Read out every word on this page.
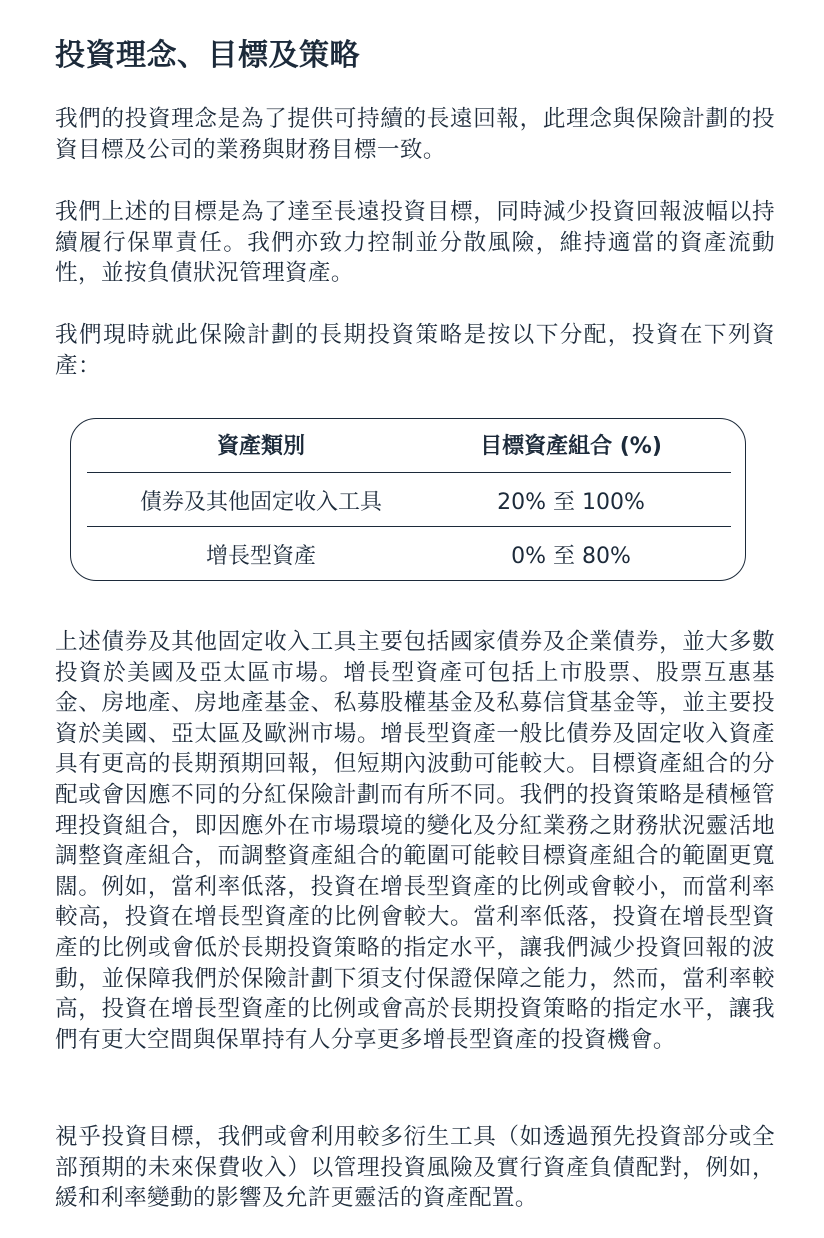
投資理念、目標及策略

我們的投資理念是為了提供可持續的長遠回報，此理念與保險計劃的投資目標及公司的業務與財務目標一致。

我們上述的目標是為了達至長遠投資目標，同時減少投資回報波幅以持續履行保單責任。我們亦致力控制並分散風險，維持適當的資產流動性，並按負債狀況管理資產。

我們現時就此保險計劃的長期投資策略是按以下分配，投資在下列資產：

資產類別	目標資產組合 (%)
債券及其他固定收入工具	20% 至 100%
增長型資產	0% 至 80%

上述債券及其他固定收入工具主要包括國家債券及企業債券，並大多數投資於美國及亞太區市場。增長型資產可包括上市股票、股票互惠基金、房地產、房地產基金、私募股權基金及私募信貸基金等，並主要投資於美國、亞太區及歐洲市場。增長型資產一般比債券及固定收入資產具有更高的長期預期回報，但短期內波動可能較大。目標資產組合的分配或會因應不同的分紅保險計劃而有所不同。我們的投資策略是積極管理投資組合，即因應外在市場環境的變化及分紅業務之財務狀況靈活地調整資產組合，而調整資產組合的範圍可能較目標資產組合的範圍更寬闊。例如，當利率低落，投資在增長型資產的比例或會較小，而當利率較高，投資在增長型資產的比例會較大。當利率低落，投資在增長型資產的比例或會低於長期投資策略的指定水平，讓我們減少投資回報的波動，並保障我們於保險計劃下須支付保證保障之能力，然而，當利率較高，投資在增長型資產的比例或會高於長期投資策略的指定水平，讓我們有更大空間與保單持有人分享更多增長型資產的投資機會。

視乎投資目標，我們或會利用較多衍生工具（如透過預先投資部分或全部預期的未來保費收入）以管理投資風險及實行資產負債配對，例如，緩和利率變動的影響及允許更靈活的資產配置。
